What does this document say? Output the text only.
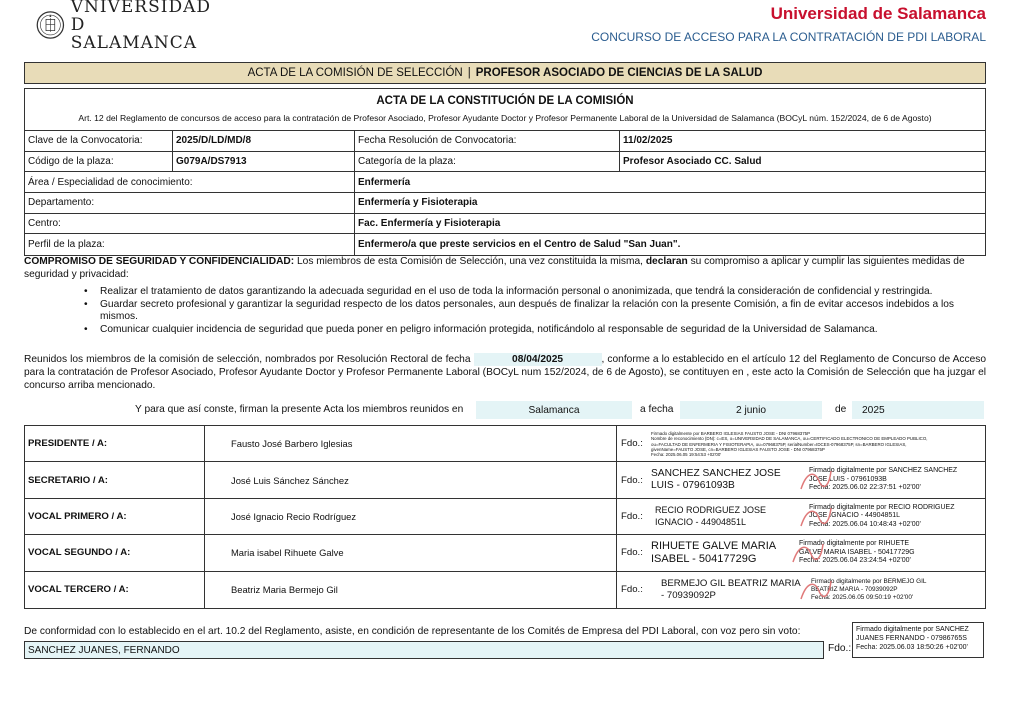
VNIVERSIDAD
D SALAMANCA
Universidad de Salamanca
CONCURSO DE ACCESO PARA LA CONTRATACIÓN DE PDI LABORAL
ACTA DE LA COMISIÓN DE SELECCIÓN | PROFESOR ASOCIADO DE CIENCIAS DE LA SALUD
ACTA DE LA CONSTITUCIÓN DE LA COMISIÓN
Art. 12 del Reglamento de concursos de acceso para la contratación de Profesor Asociado, Profesor Ayudante Doctor y Profesor Permanente Laboral de la Universidad de Salamanca (BOCyL núm. 152/2024, de 6 de Agosto)
Clave de la Convocatoria:	2025/D/LD/MD/8	Fecha Resolución de Convocatoria:	11/02/2025
Código de la plaza:	G079A/DS7913	Categoría de la plaza:	Profesor Asociado CC. Salud
Área / Especialidad de conocimiento:	Enfermería
Departamento:	Enfermería y Fisioterapia
Centro:	Fac. Enfermería y Fisioterapia
Perfil de la plaza:	Enfermero/a que preste servicios en el Centro de Salud "San Juan".
COMPROMISO DE SEGURIDAD Y CONFIDENCIALIDAD: Los miembros de esta Comisión de Selección, una vez constituida la misma, declaran su compromiso a aplicar y cumplir las siguientes medidas de seguridad y privacidad:
• Realizar el tratamiento de datos garantizando la adecuada seguridad en el uso de toda la información personal o anonimizada, que tendrá la consideración de confidencial y restringida.
• Guardar secreto profesional y garantizar la seguridad respecto de los datos personales, aun después de finalizar la relación con la presente Comisión, a fin de evitar accesos indebidos a los mismos.
• Comunicar cualquier incidencia de seguridad que pueda poner en peligro información protegida, notificándolo al responsable de seguridad de la Universidad de Salamanca.
Reunidos los miembros de la comisión de selección, nombrados por Resolución Rectoral de fecha	08/04/2025	, conforme a lo establecido en el artículo 12 del Reglamento de Concurso de Acceso para la contratación de Profesor Asociado, Profesor Ayudante Doctor y Profesor Permanente Laboral (BOCyL num 152/2024, de 6 de Agosto), se contituyen en , este acto la Comisión de Selección que ha juzgar el concurso arriba mencionado.
Y para que así conste, firman la presente Acta los miembros reunidos en	Salamanca	a fecha	2 junio	de	2025
PRESIDENTE / A:	Fausto José Barbero Iglesias	Fdo.:
Firmado digitalmente por BARBERO IGLESIAS FAUSTO JOSE - DNI 07968375P
Nombre de reconocimiento (DN): c=ES, o=UNIVERSIDAD DE SALAMANCA, ou=CERTIFICADO ELECTRONICO DE EMPLEADO PUBLICO,
ou=FACULTAD DE ENFERMERIA Y FISIOTERAPIA, ou=07968375P, serialNumber=IDCES-07968375P, sn=BARBERO IGLESIAS,
givenName=FAUSTO JOSE, cn=BARBERO IGLESIAS FAUSTO JOSE - DNI 07968375P
Fecha: 2025.06.05 19:54:53 +02'00'
SECRETARIO / A:	José Luis Sánchez Sánchez	Fdo.:
SANCHEZ SANCHEZ JOSE LUIS - 07961093B
Firmado digitalmente por SANCHEZ SANCHEZ
JOSE LUIS - 07961093B
Fecha: 2025.06.02 22:37:51 +02'00'
VOCAL PRIMERO / A:	José Ignacio Recio Rodríguez	Fdo.:
RECIO RODRIGUEZ JOSE IGNACIO - 44904851L
Firmado digitalmente por RECIO RODRIGUEZ
JOSE IGNACIO - 44904851L
Fecha: 2025.06.04 10:48:43 +02'00'
VOCAL SEGUNDO / A:	Maria isabel Rihuete Galve	Fdo.:
RIHUETE GALVE MARIA ISABEL - 50417729G
Firmado digitalmente por RIHUETE
GALVE MARIA ISABEL - 50417729G
Fecha: 2025.06.04 23:24:54 +02'00'
VOCAL TERCERO / A:	Beatriz Maria Bermejo Gil	Fdo.:
BERMEJO GIL BEATRIZ MARIA - 70939092P
Firmado digitalmente por BERMEJO GIL
BEATRIZ MARIA - 70939092P
Fecha: 2025.06.05 09:50:19 +02'00'
De conformidad con lo establecido en el art. 10.2 del Reglamento, asiste, en condición de representante de los Comités de Empresa del PDI Laboral, con voz pero sin voto:
SANCHEZ JUANES, FERNANDO	Fdo.:
Firmado digitalmente por SANCHEZ
JUANES FERNANDO - 07986765S
Fecha: 2025.06.03 18:50:26 +02'00'
